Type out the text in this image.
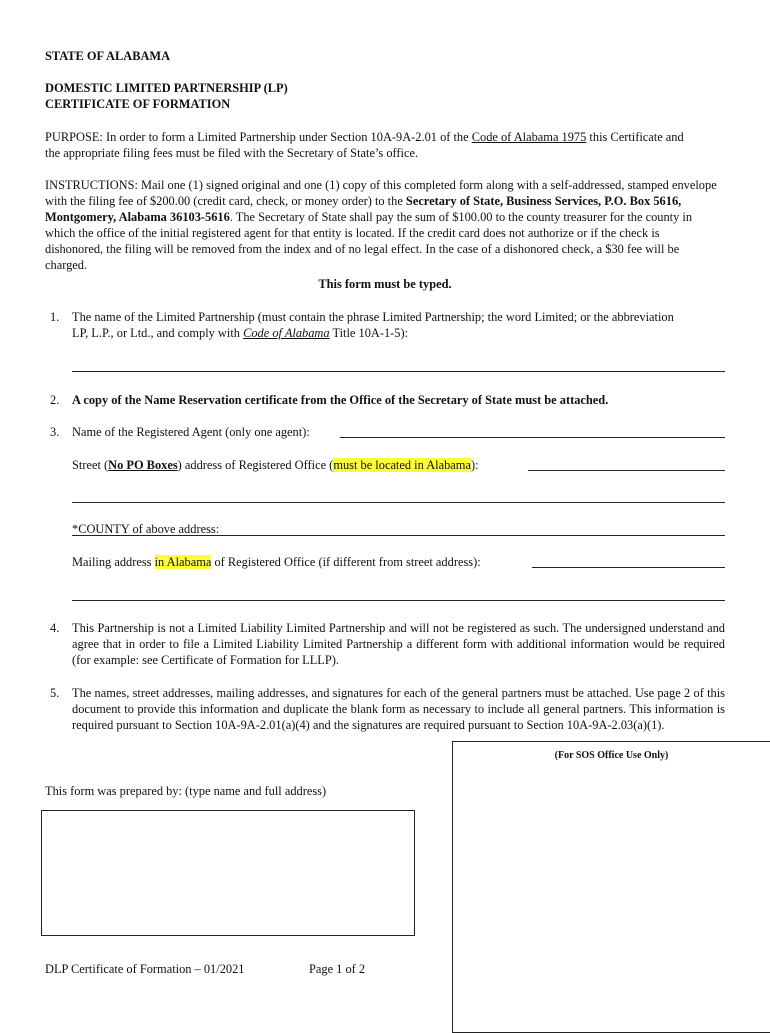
STATE OF ALABAMA
DOMESTIC LIMITED PARTNERSHIP (LP)
CERTIFICATE OF FORMATION
PURPOSE: In order to form a Limited Partnership under Section 10A-9A-2.01 of the Code of Alabama 1975 this Certificate and the appropriate filing fees must be filed with the Secretary of State’s office.
INSTRUCTIONS: Mail one (1) signed original and one (1) copy of this completed form along with a self-addressed, stamped envelope with the filing fee of $200.00 (credit card, check, or money order) to the Secretary of State, Business Services, P.O. Box 5616, Montgomery, Alabama 36103-5616. The Secretary of State shall pay the sum of $100.00 to the county treasurer for the county in which the office of the initial registered agent for that entity is located. If the credit card does not authorize or if the check is dishonored, the filing will be removed from the index and of no legal effect. In the case of a dishonored check, a $30 fee will be charged.
This form must be typed.
1. The name of the Limited Partnership (must contain the phrase Limited Partnership; the word Limited; or the abbreviation LP, L.P., or Ltd., and comply with Code of Alabama Title 10A-1-5):
2. A copy of the Name Reservation certificate from the Office of the Secretary of State must be attached.
3. Name of the Registered Agent (only one agent):
Street (No PO Boxes) address of Registered Office (must be located in Alabama):
*COUNTY of above address:
Mailing address in Alabama of Registered Office (if different from street address):
4. This Partnership is not a Limited Liability Limited Partnership and will not be registered as such. The undersigned understand and agree that in order to file a Limited Liability Limited Partnership a different form with additional information would be required (for example: see Certificate of Formation for LLLP).
5. The names, street addresses, mailing addresses, and signatures for each of the general partners must be attached. Use page 2 of this document to provide this information and duplicate the blank form as necessary to include all general partners. This information is required pursuant to Section 10A-9A-2.01(a)(4) and the signatures are required pursuant to Section 10A-9A-2.03(a)(1).
(For SOS Office Use Only)
This form was prepared by: (type name and full address)
DLP Certificate of Formation – 01/2021	Page 1 of 2
